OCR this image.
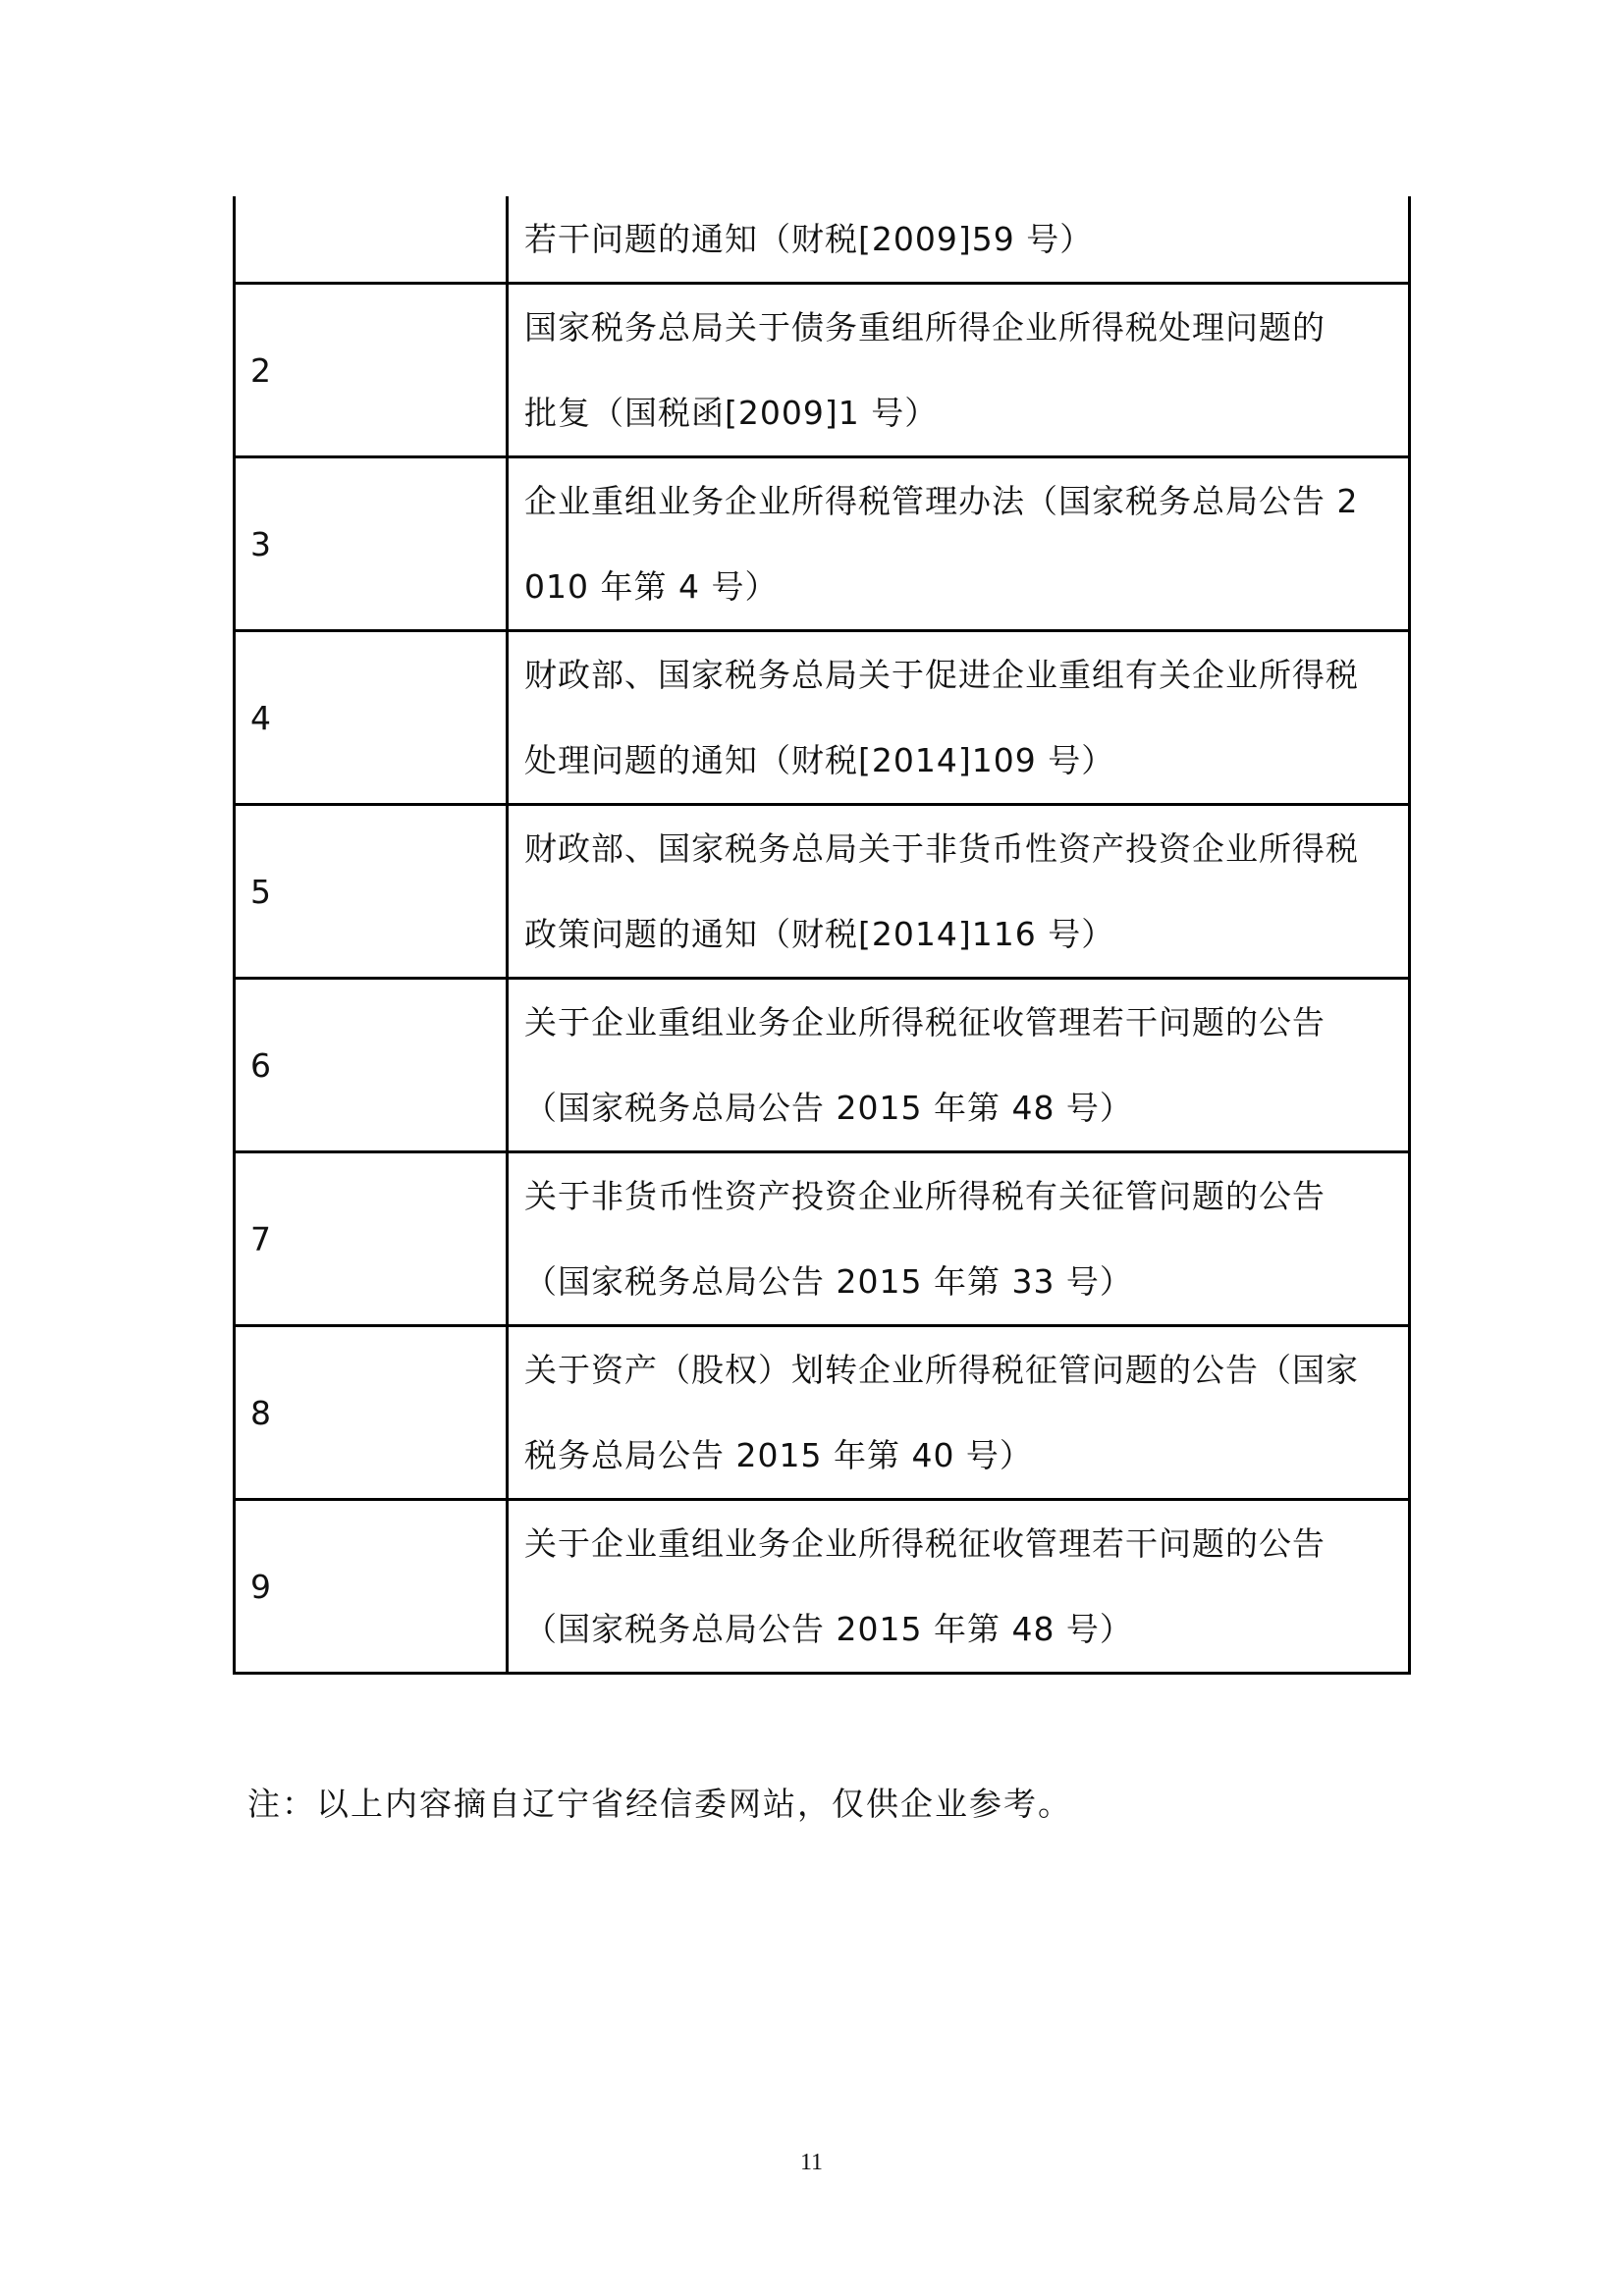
	若干问题的通知（财税[2009]59 号）
2	国家税务总局关于债务重组所得企业所得税处理问题的
批复（国税函[2009]1 号）

3	企业重组业务企业所得税管理办法（国家税务总局公告 2
010 年第 4 号）

4	财政部、国家税务总局关于促进企业重组有关企业所得税
处理问题的通知（财税[2014]109 号）

5	财政部、国家税务总局关于非货币性资产投资企业所得税
政策问题的通知（财税[2014]116 号）

6	关于企业重组业务企业所得税征收管理若干问题的公告
（国家税务总局公告 2015 年第 48 号）

7	关于非货币性资产投资企业所得税有关征管问题的公告
（国家税务总局公告 2015 年第 33 号）

8	关于资产（股权）划转企业所得税征管问题的公告（国家
税务总局公告 2015 年第 40 号）

9	关于企业重组业务企业所得税征收管理若干问题的公告
（国家税务总局公告 2015 年第 48 号）
注：以上内容摘自辽宁省经信委网站，仅供企业参考。
11
